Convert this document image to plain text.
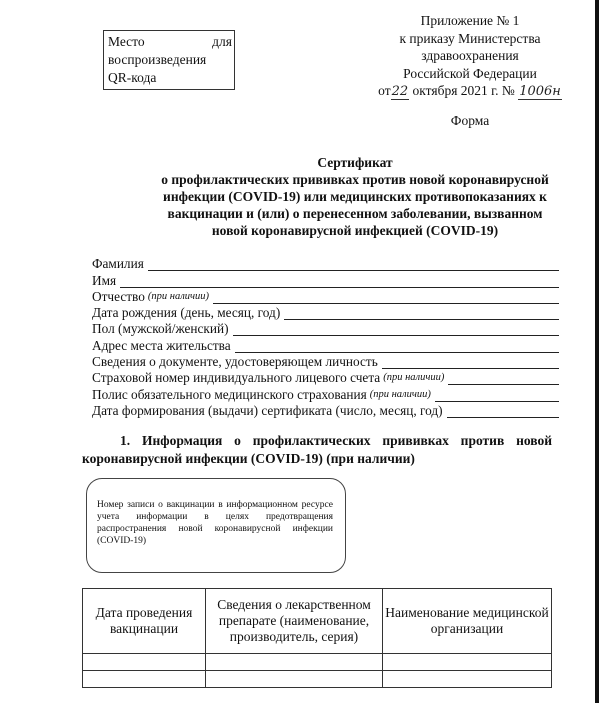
Место	для
воспроизведения
QR-кода
Приложение № 1
к приказу Министерства
здравоохранения
Российской Федерации
от22 октября 2021 г. № 1006н
Форма
Сертификат
о профилактических прививках против новой коронавирусной
инфекции (COVID-19) или медицинских противопоказаниях к
вакцинации и (или) о перенесенном заболевании, вызванном
новой коронавирусной инфекцией (COVID-19)
Фамилия
Имя
Отчество (при наличии)
Дата рождения (день, месяц, год)
Пол (мужской/женский)
Адрес места жительства
Сведения о документе, удостоверяющем личность
Страховой номер индивидуального лицевого счета (при наличии)
Полис обязательного медицинского страхования (при наличии)
Дата формирования (выдачи) сертификата (число, месяц, год)
1. Информация о профилактических прививках против новой коронавирусной инфекции (COVID-19) (при наличии)
Номер записи о вакцинации в информационном ресурсе учета информации в целях предотвращения распространения новой коронавирусной инфекции (COVID-19)
Дата проведения вакцинации	Сведения о лекарственном препарате (наименование, производитель, серия)	Наименование медицинской организации
